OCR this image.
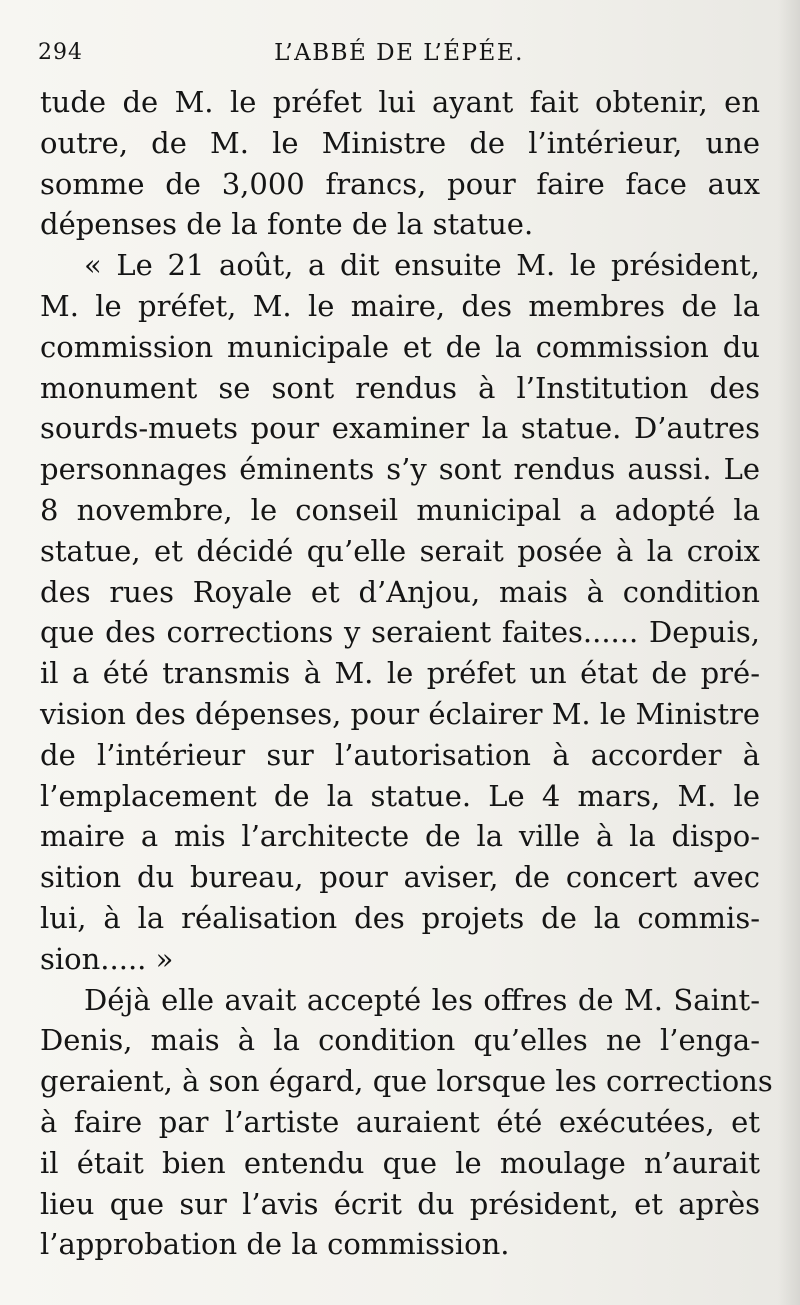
294	L’ABBÉ DE L’ÉPÉE.
tude de M. le préfet lui ayant fait obtenir, en
outre, de M. le Ministre de l’intérieur, une
somme de 3,000 francs, pour faire face aux
dépenses de la fonte de la statue.
« Le 21 août, a dit ensuite M. le président,
M. le préfet, M. le maire, des membres de la
commission municipale et de la commission du
monument se sont rendus à l’Institution des
sourds-muets pour examiner la statue. D’autres
personnages éminents s’y sont rendus aussi. Le
8 novembre, le conseil municipal a adopté la
statue, et décidé qu’elle serait posée à la croix
des rues Royale et d’Anjou, mais à condition
que des corrections y seraient faites...... Depuis,
il a été transmis à M. le préfet un état de pré-
vision des dépenses, pour éclairer M. le Ministre
de l’intérieur sur l’autorisation à accorder à
l’emplacement de la statue. Le 4 mars, M. le
maire a mis l’architecte de la ville à la dispo-
sition du bureau, pour aviser, de concert avec
lui, à la réalisation des projets de la commis-
sion..... »
Déjà elle avait accepté les offres de M. Saint-
Denis, mais à la condition qu’elles ne l’enga-
geraient, à son égard, que lorsque les corrections
à faire par l’artiste auraient été exécutées, et
il était bien entendu que le moulage n’aurait
lieu que sur l’avis écrit du président, et après
l’approbation de la commission.
